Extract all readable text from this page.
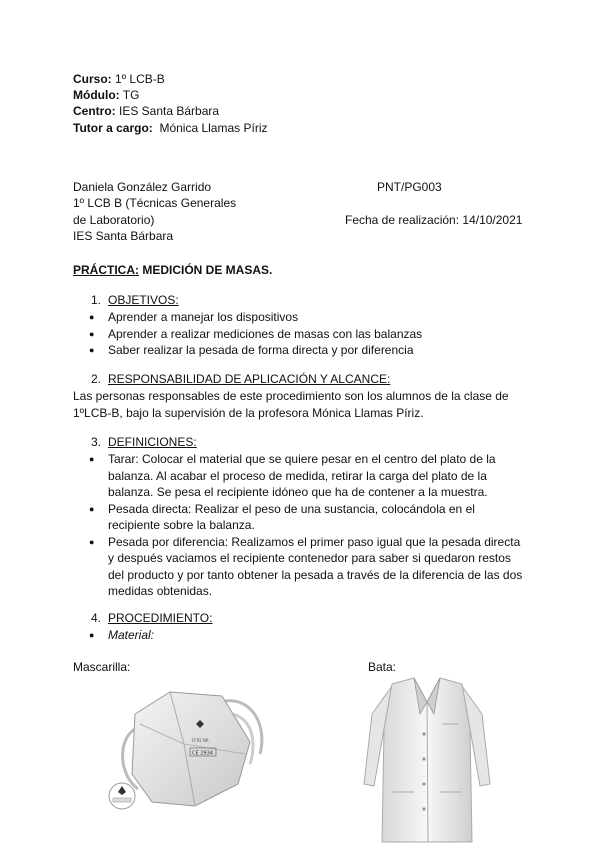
Curso: 1º LCB-B
Módulo: TG
Centro: IES Santa Bárbara
Tutor a cargo:  Mónica Llamas Píriz
Daniela González Garrido	PNT/PG003
1º LCB B (Técnicas Generales
de Laboratorio)	Fecha de realización: 14/10/2021
IES Santa Bárbara
PRÁCTICA: MEDICIÓN DE MASAS.
1. OBJETIVOS:
● Aprender a manejar los dispositivos
● Aprender a realizar mediciones de masas con las balanzas
● Saber realizar la pesada de forma directa y por diferencia
2. RESPONSABILIDAD DE APLICACIÓN Y ALCANCE:
Las personas responsables de este procedimiento son los alumnos de la clase de
1ºLCB-B, bajo la supervisión de la profesora Mónica Llamas Píriz.
3. DEFINICIONES:
● Tarar: Colocar el material que se quiere pesar en el centro del plato de la
balanza. Al acabar el proceso de medida, retirar la carga del plato de la
balanza. Se pesa el recipiente idóneo que ha de contener a la muestra.
● Pesada directa: Realizar el peso de una sustancia, colocándola en el
recipiente sobre la balanza.
● Pesada por diferencia: Realizamos el primer paso igual que la pesada directa
y después vaciamos el recipiente contenedor para saber si quedaron restos
del producto y por tanto obtener la pesada a través de la diferencia de las dos
medidas obtenidas.
4. PROCEDIMIENTO:
● Material:
Mascarilla:	Bata:
FFP2 NR
CE 2934
